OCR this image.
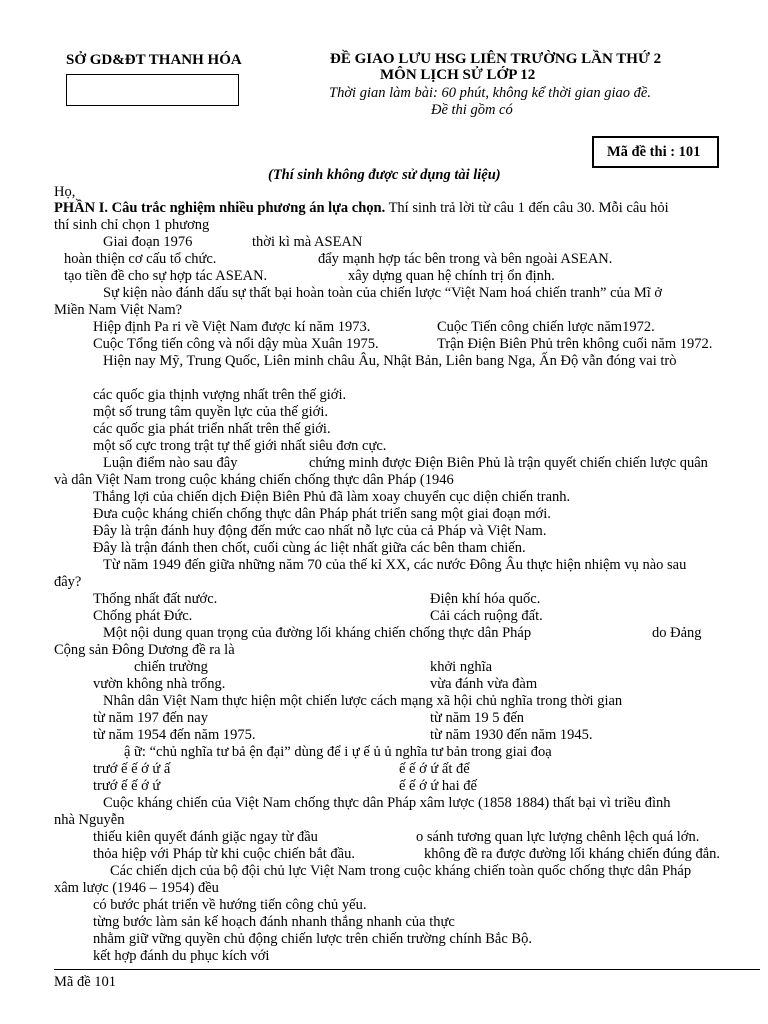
SỞ GD&ĐT THANH HÓA	ĐỀ GIAO LƯU HSG LIÊN TRƯỜNG LẦN THỨ 2
MÔN LỊCH SỬ LỚP 12
Thời gian làm bài: 60 phút, không kể thời gian giao đề.
Đề thi gồm có
Mã đề thi : 101
(Thí sinh không được sử dụng tài liệu)
Họ,
PHẦN I. Câu trắc nghiệm nhiều phương án lựa chọn. Thí sinh trả lời từ câu 1 đến câu 30. Mỗi câu hỏi
thí sinh chỉ chọn 1 phương
Giai đoạn 1976	thời kì mà ASEAN
hoàn thiện cơ cấu tổ chức.	đẩy mạnh hợp tác bên trong và bên ngoài ASEAN.
tạo tiền đề cho sự hợp tác ASEAN.	xây dựng quan hệ chính trị ổn định.
Sự kiện nào đánh dấu sự thất bại hoàn toàn của chiến lược “Việt Nam hoá chiến tranh” của Mĩ ở
Miền Nam Việt Nam?
Hiệp định Pa ri về Việt Nam được kí năm 1973.	Cuộc Tiến công chiến lược năm1972.
Cuộc Tổng tiến công và nổi dậy mùa Xuân 1975.	Trận Điện Biên Phủ trên không cuối năm 1972.
Hiện nay Mỹ, Trung Quốc, Liên minh châu Âu, Nhật Bản, Liên bang Nga, Ấn Độ vẫn đóng vai trò
các quốc gia thịnh vượng nhất trên thế giới.
một số trung tâm quyền lực của thế giới.
các quốc gia phát triển nhất trên thế giới.
một số cực trong trật tự thế giới nhất siêu đơn cực.
Luận điểm nào sau đây	chứng minh được Điện Biên Phủ là trận quyết chiến chiến lược quân
và dân Việt Nam trong cuộc kháng chiến chống thực dân Pháp (1946
Thắng lợi của chiến dịch Điện Biên Phủ đã làm xoay chuyển cục diện chiến tranh.
Đưa cuộc kháng chiến chống thực dân Pháp phát triển sang một giai đoạn mới.
Đây là trận đánh huy động đến mức cao nhất nỗ lực của cả Pháp và Việt Nam.
Đây là trận đánh then chốt, cuối cùng ác liệt nhất giữa các bên tham chiến.
Từ năm 1949 đến giữa những năm 70 của thế kỉ XX, các nước Đông Âu thực hiện nhiệm vụ nào sau
đây?
Thống nhất đất nước.	Điện khí hóa quốc.
Chống phát Đức.	Cải cách ruộng đất.
Một nội dung quan trọng của đường lối kháng chiến chống thực dân Pháp	do Đảng
Cộng sản Đông Dương đề ra là
chiến trường	khởi nghĩa
vườn không nhà trống.	vừa đánh vừa đàm
Nhân dân Việt Nam thực hiện một chiến lược cách mạng xã hội chủ nghĩa trong thời gian
từ năm 197 đến nay	từ năm 19 5 đến
từ năm 1954 đến năm 1975.	từ năm 1930 đến năm 1945.
ậ ữ: “chủ nghĩa tư bả ện đại” dùng để i ự ế ủ ủ nghĩa tư bản trong giai đoạ
trướ ế ế ớ ứ ấ	ế ế ớ ứ ất để
trướ ế ế ớ ứ	ế ế ớ ứ hai đế
Cuộc kháng chiến của Việt Nam chống thực dân Pháp xâm lược (1858 1884) thất bại vì triều đình
nhà Nguyễn
thiếu kiên quyết đánh giặc ngay từ đầu	o sánh tương quan lực lượng chênh lệch quá lớn.
thỏa hiệp với Pháp từ khi cuộc chiến bắt đầu.	không đề ra được đường lối kháng chiến đúng đắn.
Các chiến dịch của bộ đội chủ lực Việt Nam trong cuộc kháng chiến toàn quốc chống thực dân Pháp
xâm lược (1946 – 1954) đều
có bước phát triển về hướng tiến công chủ yếu.
từng bước làm sản kế hoạch đánh nhanh thắng nhanh của thực
nhằm giữ vững quyền chủ động chiến lược trên chiến trường chính Bắc Bộ.
kết hợp đánh du phục kích với
Mã đề 101
